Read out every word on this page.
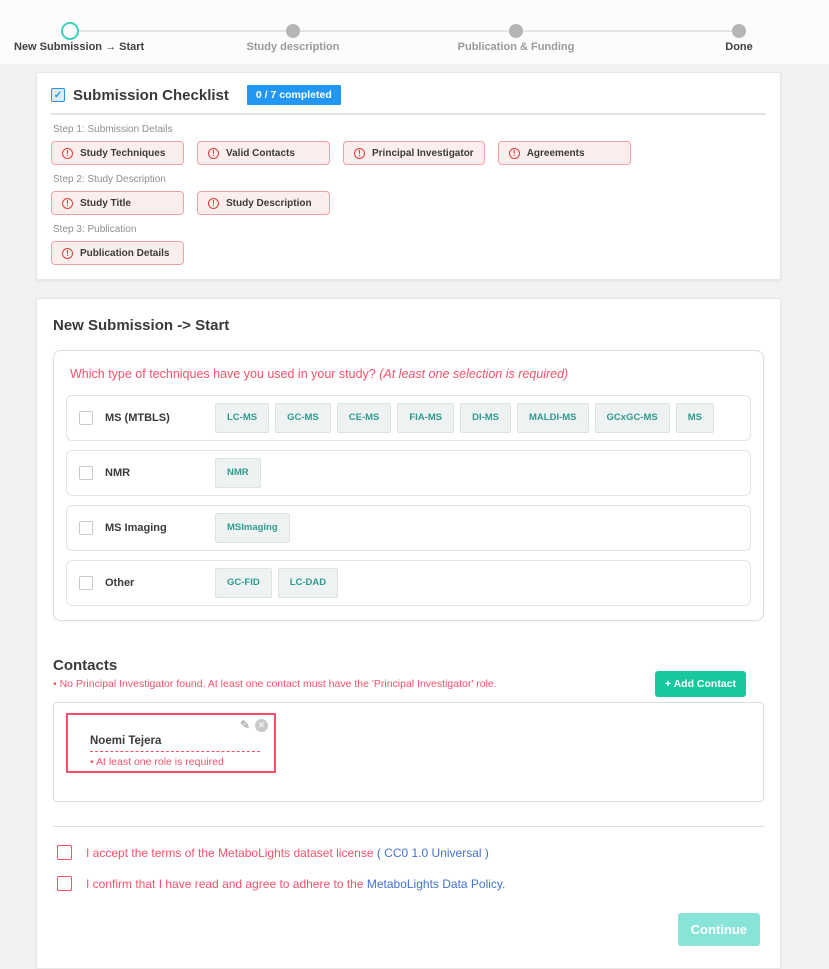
New Submission → Start	Study description	Publication & Funding	Done
✓ Submission Checklist	0 / 7 completed
Step 1: Submission Details
!	Study Techniques	!	Valid Contacts	!	Principal Investigator	!	Agreements
Step 2: Study Description
!	Study Title	!	Study Description
Step 3: Publication
!	Publication Details
New Submission -> Start
Which type of techniques have you used in your study? (At least one selection is required)
MS (MTBLS)	LC-MS	GC-MS	CE-MS	FIA-MS	DI-MS	MALDI-MS	GCxGC-MS	MS
NMR	NMR
MS Imaging	MSImaging
Other	GC-FID	LC-DAD
Contacts
• No Principal Investigator found. At least one contact must have the 'Principal Investigator' role.	+ Add Contact
✎ ✕
Noemi Tejera
• At least one role is required
I accept the terms of the MetaboLights dataset license ( CC0 1.0 Universal )
I confirm that I have read and agree to adhere to the MetaboLights Data Policy.
Continue
